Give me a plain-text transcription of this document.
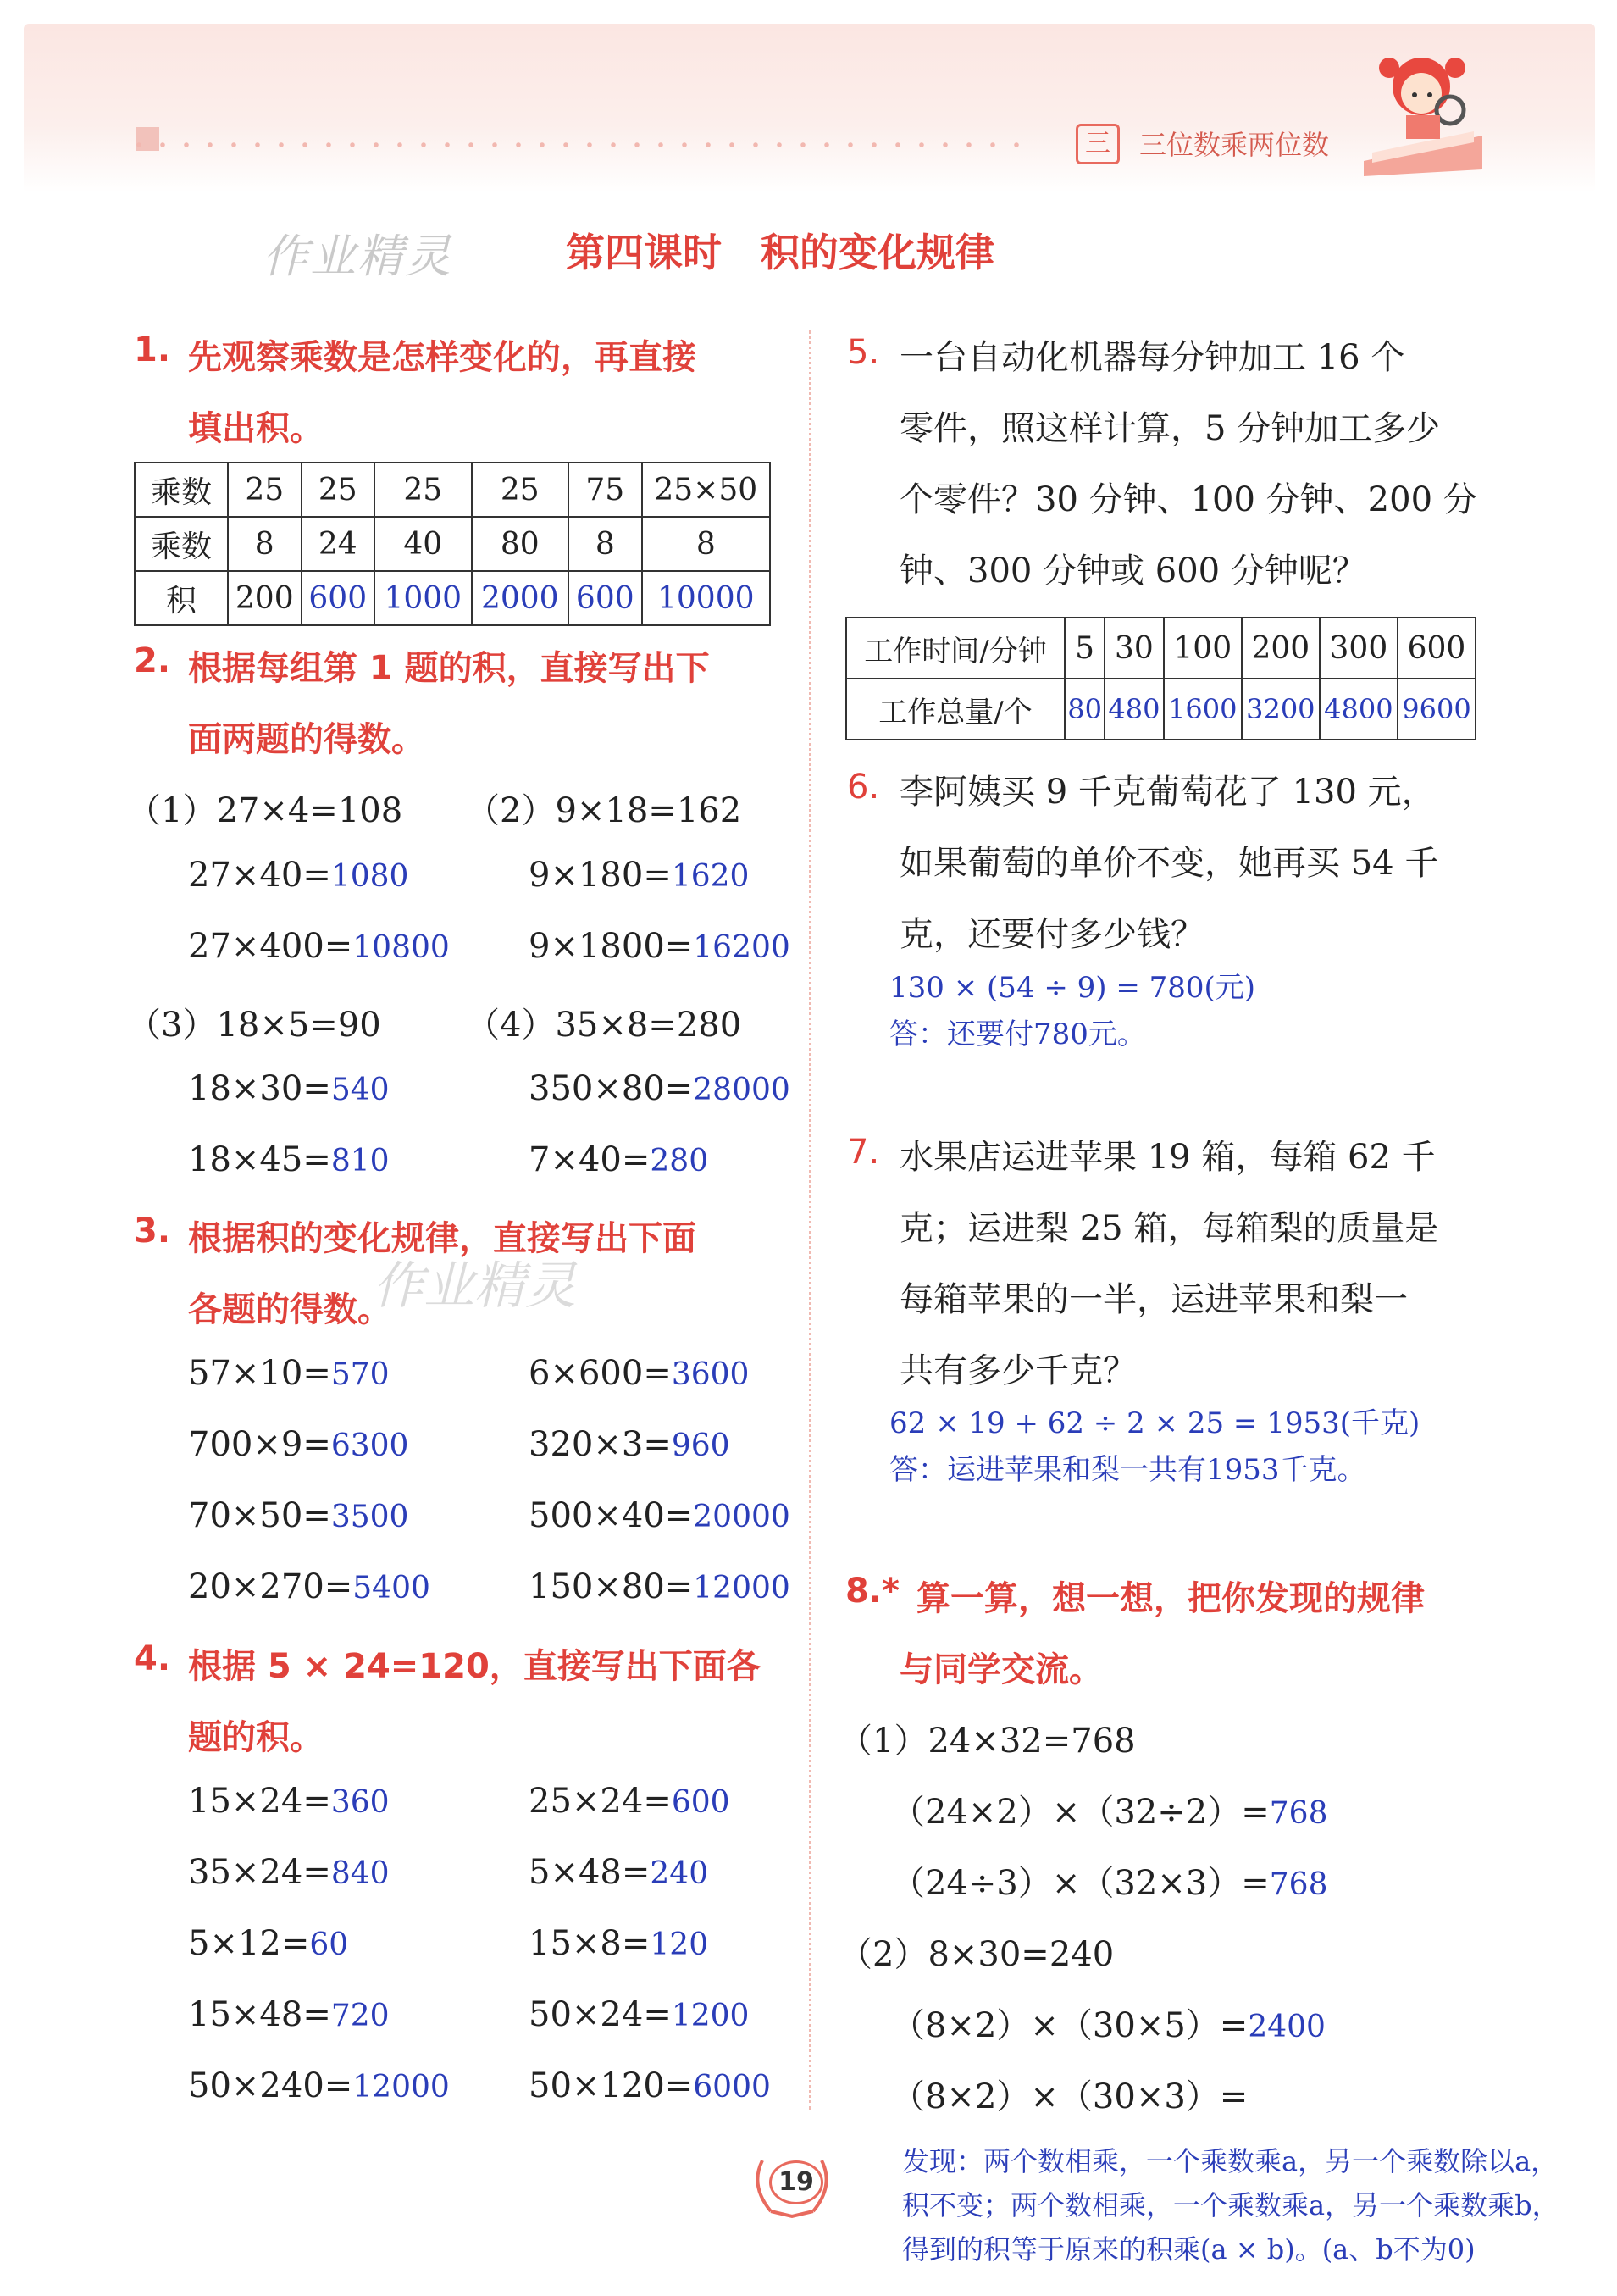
三	三位数乘两位数
作业精灵	第四课时　积的变化规律
1. 先观察乘数是怎样变化的，再直接
填出积。
乘数	25	25	25	25	75	25×50
乘数	8	24	40	80	8	8
积	200	600	1000	2000	600	10000
2. 根据每组第 1 题的积，直接写出下
面两题的得数。
（1）27×4=108
27×40=1080
27×400=10800
（2）9×18=162
9×180=1620
9×1800=16200
（3）18×5=90
18×30=540
18×45=810
（4）35×8=280
350×80=28000
7×40=280
3. 根据积的变化规律，直接写出下面
各题的得数。
作业精灵
57×10=570	6×600=3600
700×9=6300	320×3=960
70×50=3500	500×40=20000
20×270=5400	150×80=12000
4. 根据 5 × 24=120，直接写出下面各
题的积。
15×24=360	25×24=600
35×24=840	5×48=240
5×12=60	15×8=120
15×48=720	50×24=1200
50×240=12000 50×120=6000
5. 一台自动化机器每分钟加工 16 个
零件，照这样计算，5 分钟加工多少
个零件？30 分钟、100 分钟、200 分
钟、300 分钟或 600 分钟呢？
工作时间/分钟	5	30	100	200	300	600
工作总量/个	80	480	1600	3200	4800	9600
6. 李阿姨买 9 千克葡萄花了 130 元，
如果葡萄的单价不变，她再买 54 千
克，还要付多少钱？
130 × (54 ÷ 9) = 780(元)
答：还要付780元。
7. 水果店运进苹果 19 箱，每箱 62 千
克；运进梨 25 箱，每箱梨的质量是
每箱苹果的一半，运进苹果和梨一
共有多少千克？
62 × 19 + 62 ÷ 2 × 25 = 1953(千克)
答：运进苹果和梨一共有1953千克。
8.* 算一算，想一想，把你发现的规律
与同学交流。
（1）24×32=768
（24×2）×（32÷2）=768
（24÷3）×（32×3）=768
（2）8×30=240
（8×2）×（30×5）=2400
（8×2）×（30×3）=
发现：两个数相乘，一个乘数乘a，另一个乘数除以a，
积不变；两个数相乘，一个乘数乘a，另一个乘数乘b，
得到的积等于原来的积乘(a × b)。(a、b不为0)
19
